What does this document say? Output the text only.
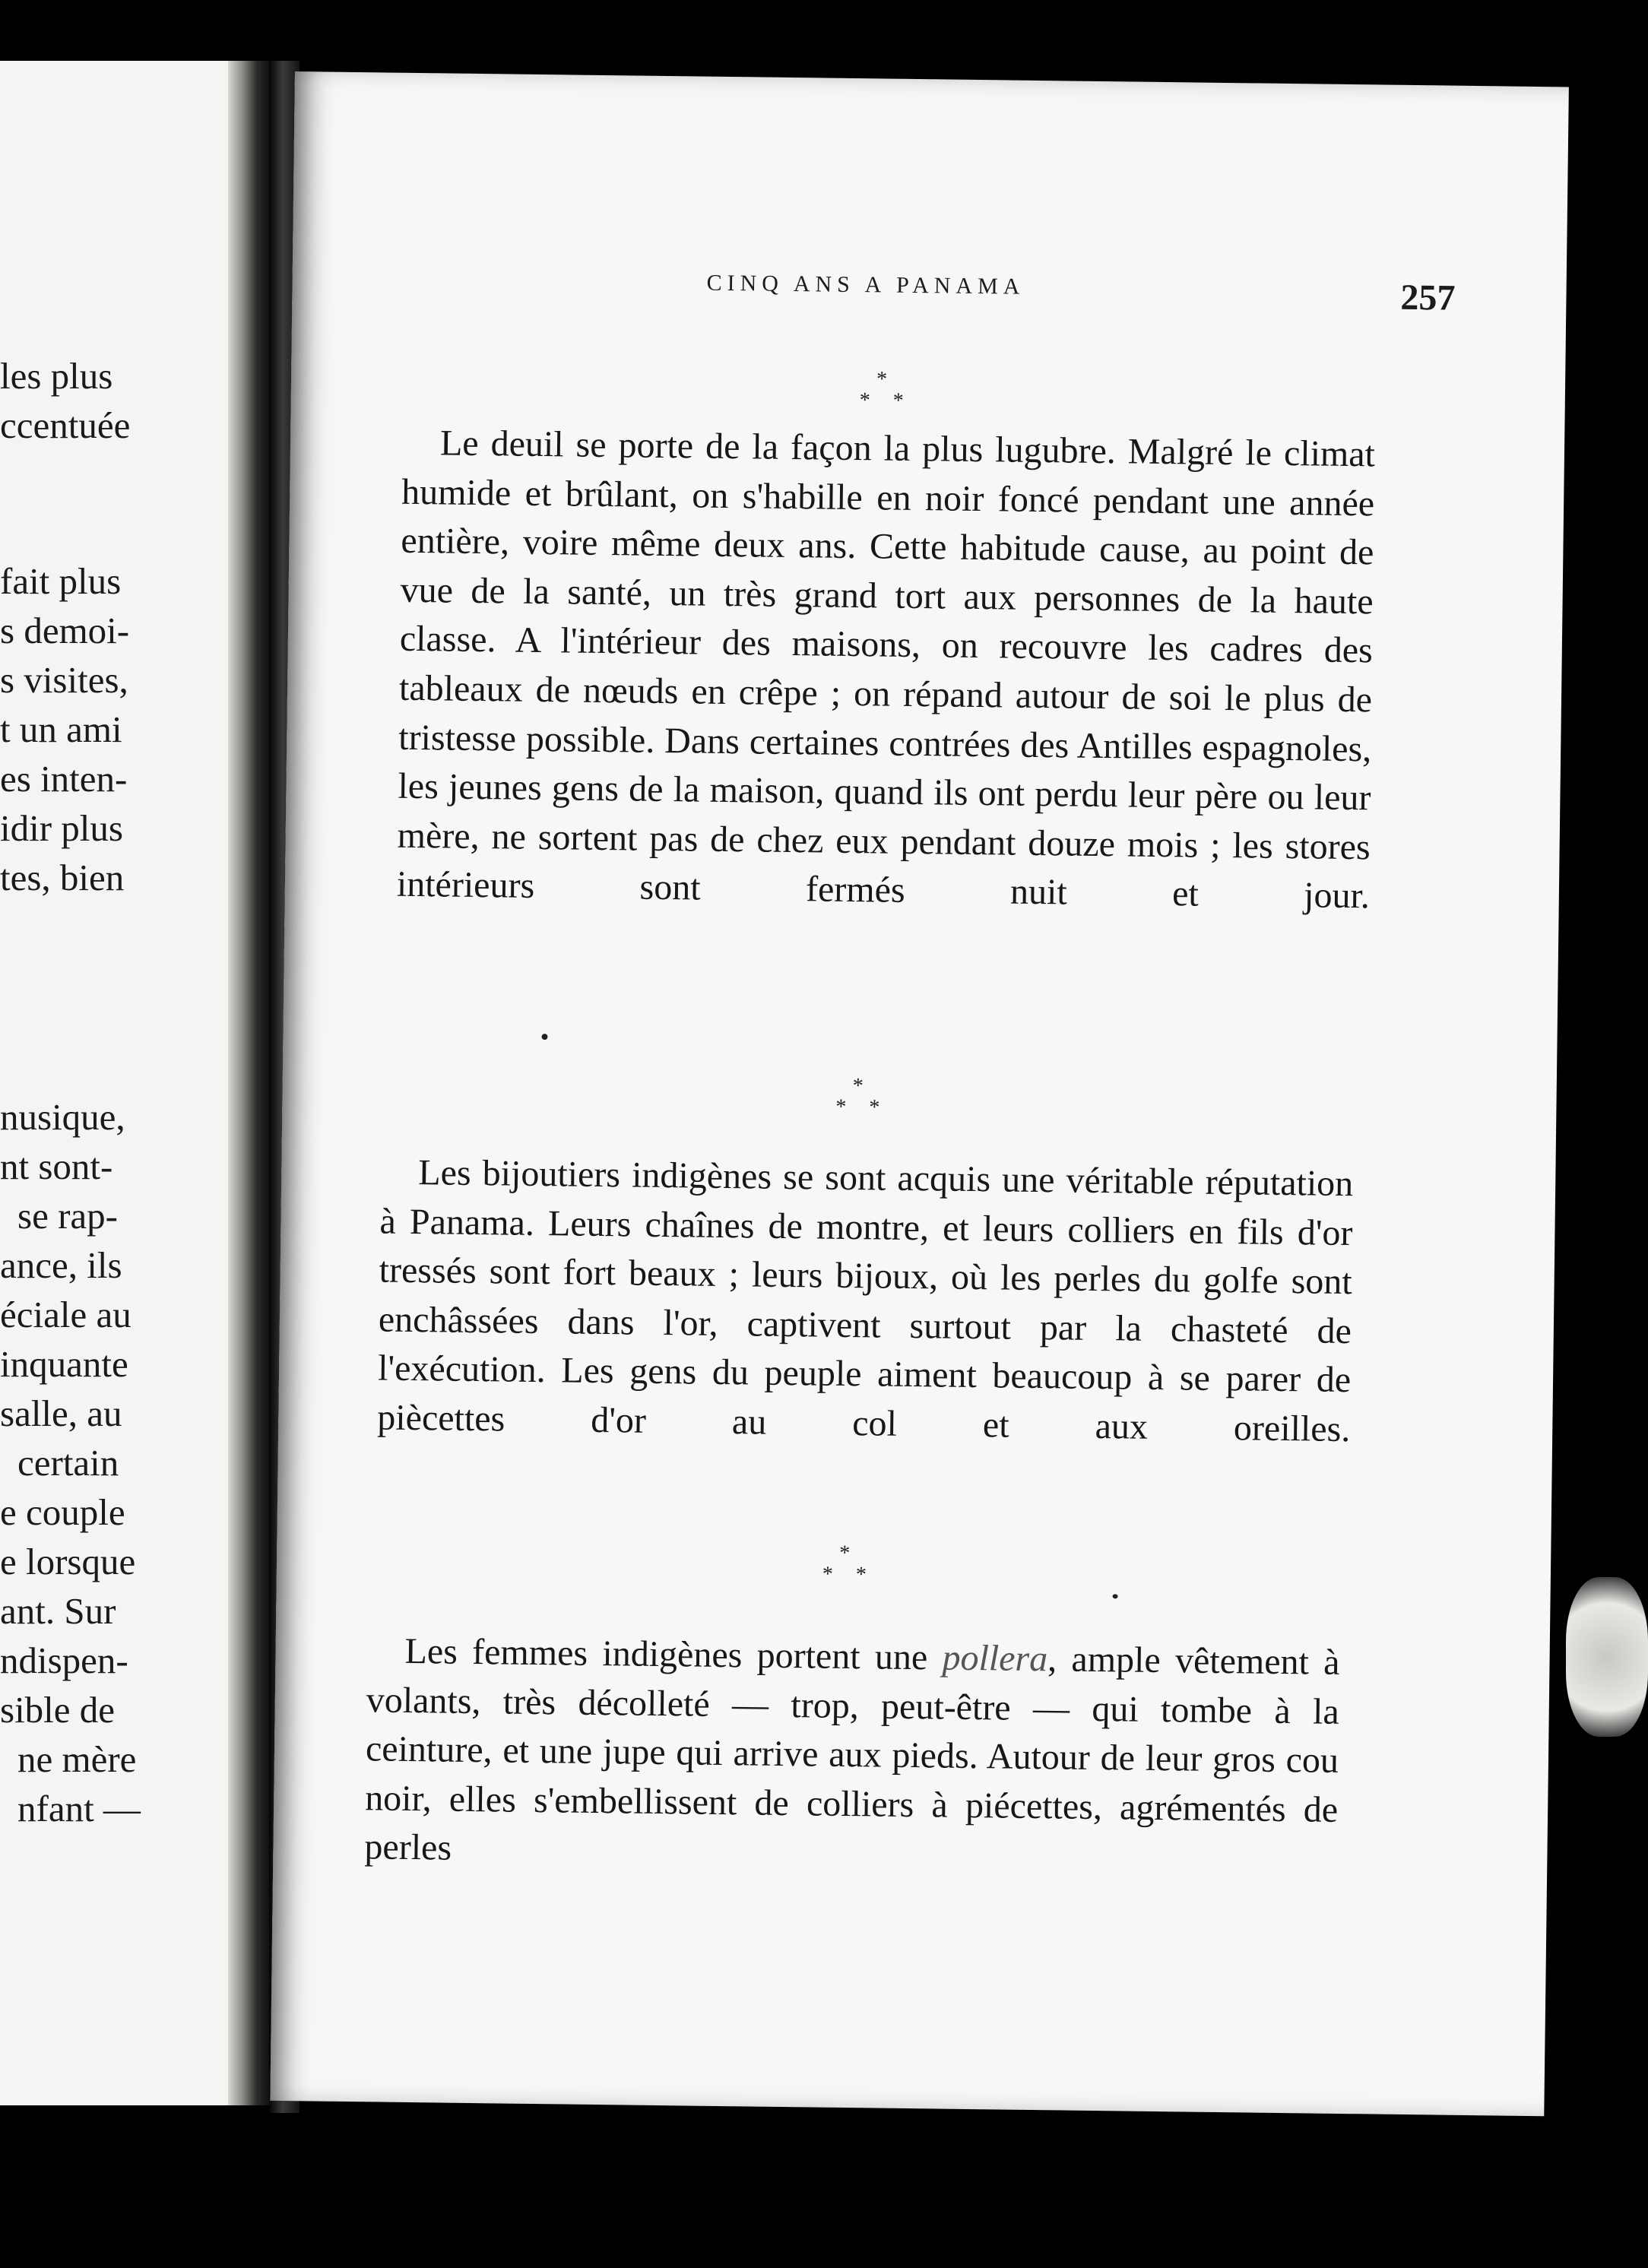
les plus

ccentuée

fait plus

s demoi-

s visites,

t un ami

es inten-

idir plus

tes, bien

nusique,

nt sont-

se rap-

ance, ils

éciale au

inquante

salle, au

certain

e couple

e lorsque

ant. Sur

ndispen-

sible de

ne mère

nfant —

CINQ ANS A PANAMA	257
*
* *

Le deuil se porte de la façon la plus lugubre. Malgré le climat humide et brûlant, on s'habille en noir foncé pendant une année entière, voire même deux ans. Cette habitude cause, au point de vue de la santé, un très grand tort aux personnes de la haute classe. A l'intérieur des maisons, on recouvre les cadres des tableaux de nœuds en crêpe ; on répand autour de soi le plus de tristesse possible. Dans certaines contrées des Antilles espagnoles, les jeunes gens de la maison, quand ils ont perdu leur père ou leur mère, ne sortent pas de chez eux pendant douze mois ; les stores intérieurs sont fermés nuit et jour.

*
* *

Les bijoutiers indigènes se sont acquis une véritable réputation à Panama. Leurs chaînes de montre, et leurs colliers en fils d'or tressés sont fort beaux ; leurs bijoux, où les perles du golfe sont enchâssées dans l'or, captivent surtout par la chasteté de l'exécution. Les gens du peuple aiment beaucoup à se parer de piècettes d'or au col et aux oreilles.

*
* *

Les femmes indigènes portent une pollera, ample vêtement à volants, très décolleté — trop, peut-être — qui tombe à la ceinture, et une jupe qui arrive aux pieds. Autour de leur gros cou noir, elles s'embellissent de colliers à piécettes, agrémentés de perles
